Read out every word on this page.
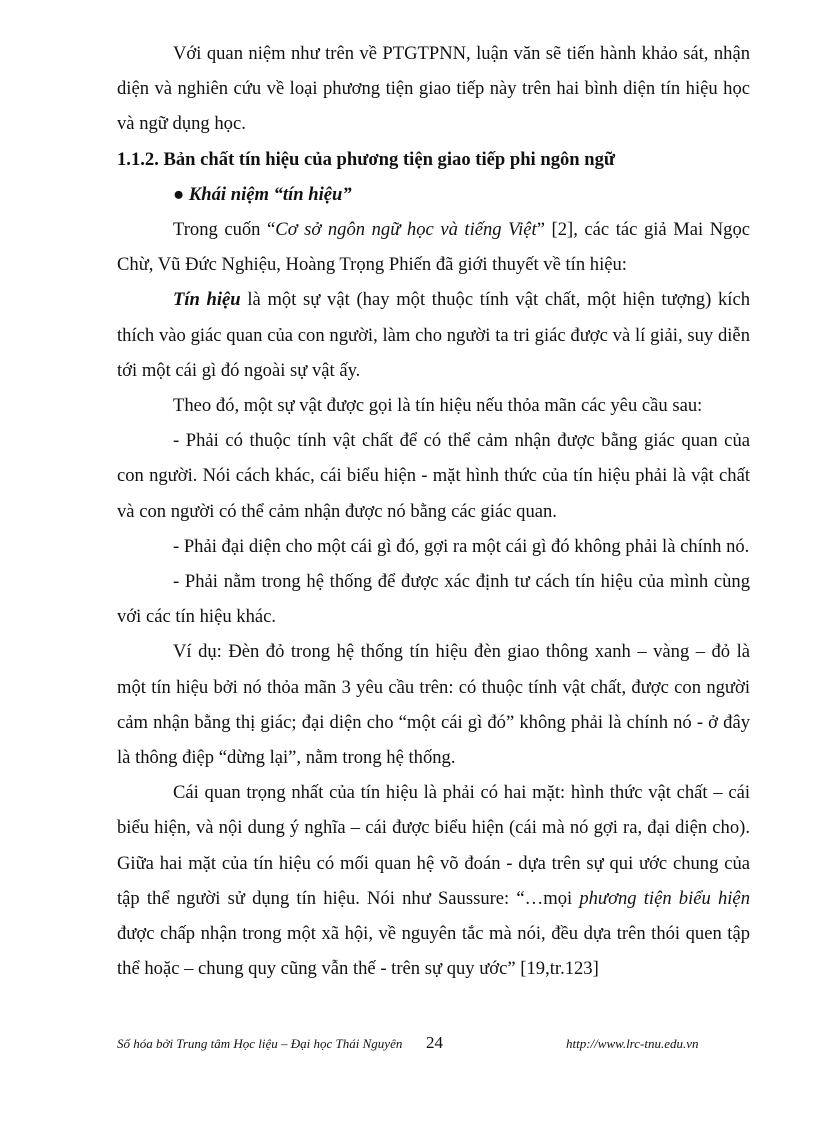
Với quan niệm như trên về PTGTPNN, luận văn sẽ tiến hành khảo sát, nhận diện và nghiên cứu về loại phương tiện giao tiếp này trên hai bình diện tín hiệu học và ngữ dụng học.

1.1.2. Bản chất tín hiệu của phương tiện giao tiếp phi ngôn ngữ

● Khái niệm “tín hiệu”

Trong cuốn “Cơ sở ngôn ngữ học và tiếng Việt” [2], các tác giả Mai Ngọc Chừ, Vũ Đức Nghiệu, Hoàng Trọng Phiến đã giới thuyết về tín hiệu:

Tín hiệu là một sự vật (hay một thuộc tính vật chất, một hiện tượng) kích thích vào giác quan của con người, làm cho người ta tri giác được và lí giải, suy diễn tới một cái gì đó ngoài sự vật ấy.

Theo đó, một sự vật được gọi là tín hiệu nếu thỏa mãn các yêu cầu sau:

- Phải có thuộc tính vật chất để có thể cảm nhận được bằng giác quan của con người. Nói cách khác, cái biểu hiện - mặt hình thức của tín hiệu phải là vật chất và con người có thể cảm nhận được nó bằng các giác quan.

- Phải đại diện cho một cái gì đó, gợi ra một cái gì đó không phải là chính nó.

- Phải nằm trong hệ thống để được xác định tư cách tín hiệu của mình cùng với các tín hiệu khác.

Ví dụ: Đèn đỏ trong hệ thống tín hiệu đèn giao thông xanh – vàng – đỏ là một tín hiệu bởi nó thỏa mãn 3 yêu cầu trên: có thuộc tính vật chất, được con người cảm nhận bằng thị giác; đại diện cho “một cái gì đó” không phải là chính nó - ở đây là thông điệp “dừng lại”, nằm trong hệ thống.

Cái quan trọng nhất của tín hiệu là phải có hai mặt: hình thức vật chất – cái biểu hiện, và nội dung ý nghĩa – cái được biểu hiện (cái mà nó gợi ra, đại diện cho). Giữa hai mặt của tín hiệu có mối quan hệ võ đoán - dựa trên sự qui ước chung của tập thể người sử dụng tín hiệu. Nói như Saussure: “…mọi phương tiện biểu hiện được chấp nhận trong một xã hội, về nguyên tắc mà nói, đều dựa trên thói quen tập thể hoặc – chung quy cũng vẫn thế - trên sự quy ước” [19,tr.123]

Số hóa bởi Trung tâm Học liệu – Đại học Thái Nguyên 24	http://www.lrc-tnu.edu.vn
